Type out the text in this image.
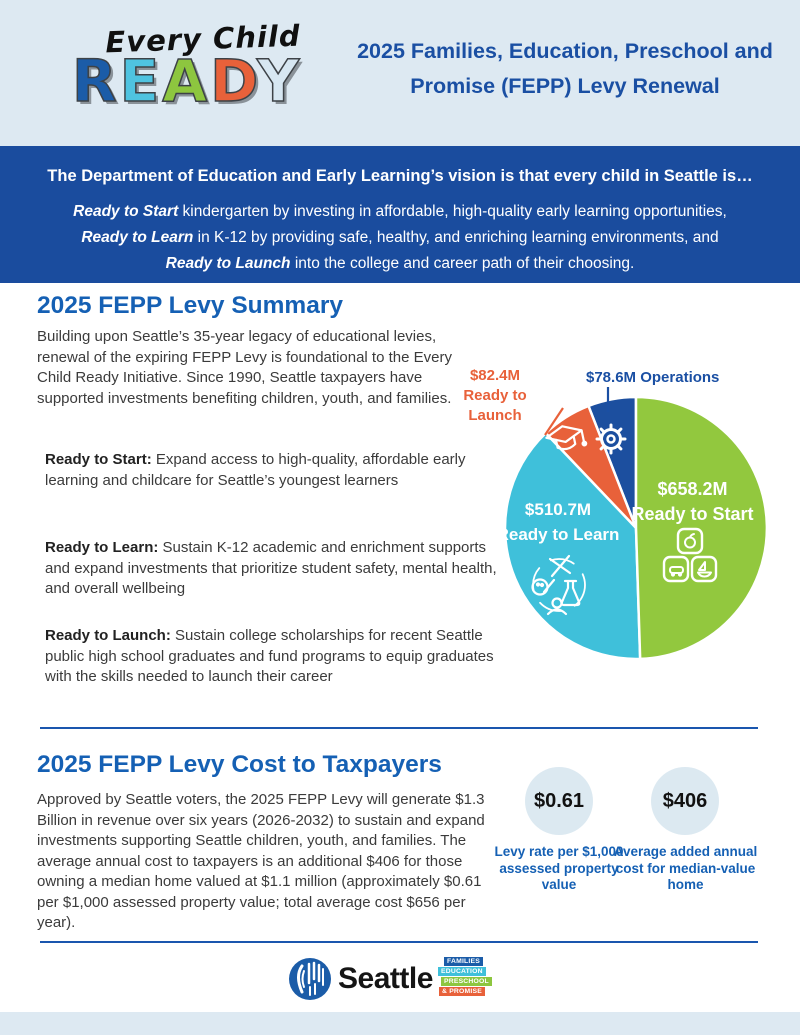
Every Child
READY	2025 Families, Education, Preschool and Promise (FEPP) Levy Renewal
The Department of Education and Early Learning’s vision is that every child in Seattle is…
Ready to Start kindergarten by investing in affordable, high-quality early learning opportunities,
Ready to Learn in K-12 by providing safe, healthy, and enriching learning environments, and
Ready to Launch into the college and career path of their choosing.
2025 FEPP Levy Summary
Building upon Seattle’s 35-year legacy of educational levies, renewal of the expiring FEPP Levy is foundational to the Every Child Ready Initiative. Since 1990, Seattle taxpayers have supported investments benefiting children, youth, and families.
Ready to Start: Expand access to high-quality, affordable early learning and childcare for Seattle’s youngest learners
Ready to Learn: Sustain K-12 academic and enrichment supports and expand investments that prioritize student safety, mental health, and overall wellbeing
Ready to Launch: Sustain college scholarships for recent Seattle public high school graduates and fund programs to equip graduates with the skills needed to launch their career
$82.4M
Ready to Launch
$78.6M Operations
$510.7M
Ready to Learn
$658.2M
Ready to Start
2025 FEPP Levy Cost to Taxpayers
Approved by Seattle voters, the 2025 FEPP Levy will generate $1.3 Billion in revenue over six years (2026-2032) to sustain and expand investments supporting Seattle children, youth, and families. The average annual cost to taxpayers is an additional $406 for those owning a median home valued at $1.1 million (approximately $0.61 per $1,000 assessed property value; total average cost $656 per year).
$0.61	$406
Levy rate per $1,000 assessed property value
Average added annual cost for median-value home
Seattle
FAMILIES
EDUCATION
PRESCHOOL
& PROMISE
